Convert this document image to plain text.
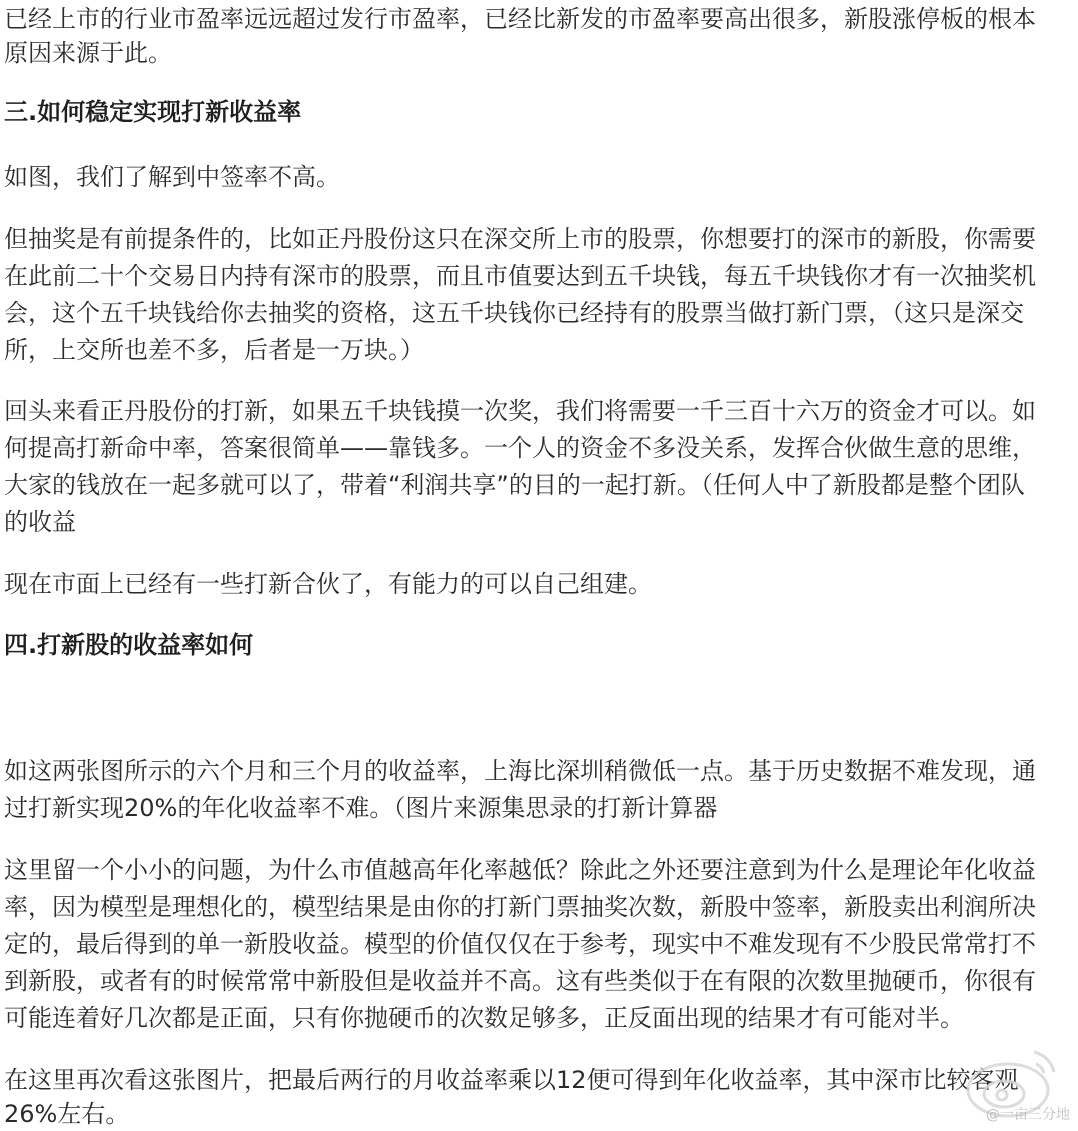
已经上市的行业市盈率远远超过发行市盈率，已经比新发的市盈率要高出很多，新股涨停板的根本
原因来源于此。
三.如何稳定实现打新收益率
如图，我们了解到中签率不高。
但抽奖是有前提条件的，比如正丹股份这只在深交所上市的股票，你想要打的深市的新股，你需要
在此前二十个交易日内持有深市的股票，而且市值要达到五千块钱，每五千块钱你才有一次抽奖机
会，这个五千块钱给你去抽奖的资格，这五千块钱你已经持有的股票当做打新门票，（这只是深交
所，上交所也差不多，后者是一万块。）
回头来看正丹股份的打新，如果五千块钱摸一次奖，我们将需要一千三百十六万的资金才可以。如
何提高打新命中率，答案很简单——靠钱多。一个人的资金不多没关系，发挥合伙做生意的思维，
大家的钱放在一起多就可以了，带着“利润共享”的目的一起打新。（任何人中了新股都是整个团队
的收益
现在市面上已经有一些打新合伙了，有能力的可以自己组建。
四.打新股的收益率如何
如这两张图所示的六个月和三个月的收益率，上海比深圳稍微低一点。基于历史数据不难发现，通
过打新实现20%的年化收益率不难。（图片来源集思录的打新计算器
这里留一个小小的问题，为什么市值越高年化率越低？除此之外还要注意到为什么是理论年化收益
率，因为模型是理想化的，模型结果是由你的打新门票抽奖次数，新股中签率，新股卖出利润所决
定的，最后得到的单一新股收益。模型的价值仅仅在于参考，现实中不难发现有不少股民常常打不
到新股，或者有的时候常常中新股但是收益并不高。这有些类似于在有限的次数里抛硬币，你很有
可能连着好几次都是正面，只有你抛硬币的次数足够多，正反面出现的结果才有可能对半。
在这里再次看这张图片，把最后两行的月收益率乘以12便可得到年化收益率，其中深市比较客观
26%左右。	@一亩三分地
